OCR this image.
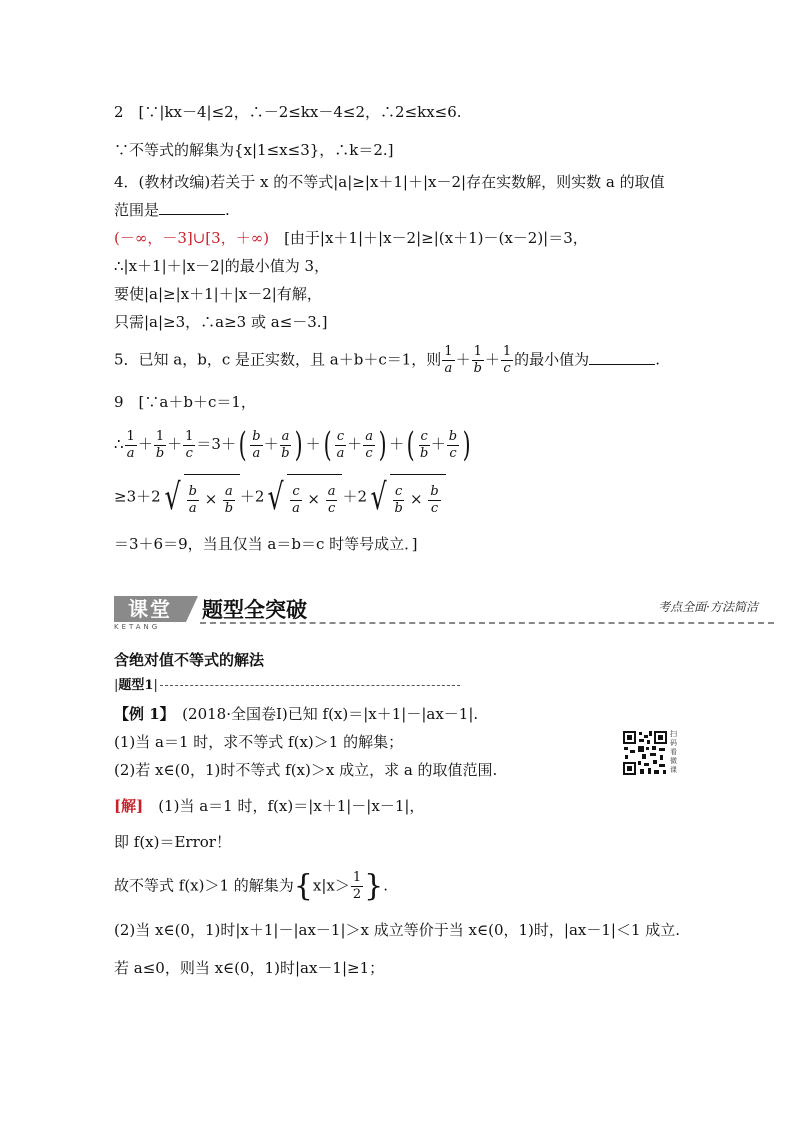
2　[∵|kx－4|≤2，∴－2≤kx－4≤2，∴2≤kx≤6.
∵不等式的解集为{x|1≤x≤3}，∴k＝2.]
4．(教材改编)若关于 x 的不等式|a|≥|x＋1|＋|x－2|存在实数解，则实数 a 的取值
范围是	.
(－∞，－3]∪[3，＋∞)　[由于|x＋1|＋|x－2|≥|(x＋1)－(x－2)|＝3，
∴|x＋1|＋|x－2|的最小值为 3，
要使|a|≥|x＋1|＋|x－2|有解，
只需|a|≥3，∴a≥3 或 a≤－3.]
5．已知 a，b，c 是正实数，且 a＋b＋c＝1，则 $\frac{1}{a} + \frac{1}{b} + \frac{1}{c}$ 的最小值为	.
9　[∵a＋b＋c＝1，
∴ $\frac{1}{a} + \frac{1}{b} + \frac{1}{c} =3+( \frac{b}{a} + \frac{a}{b}$ ) ＋( $\frac{c}{a} + \frac{a}{c}$ ) ＋( $\frac{c}{b} + \frac{b}{c}$ )
$\ge 3+2√ \frac{b}{a} \times \frac{a}{b} +2√ \frac{c}{a} \times \frac{a}{c} +2√ \frac{c}{b} \times \frac{b}{c}$
＝3＋6＝9，当且仅当 a＝b＝c 时等号成立．]
课堂
KETANG
题型全突破	考点全面·方法简洁
含绝对值不等式的解法
|题型1|
【例 1】　(2018·全国卷Ⅰ)已知 f(x)＝|x＋1|－|ax－1|.
(1)当 a＝1 时，求不等式 f(x)＞1 的解集；
(2)若 x∈(0，1)时不等式 f(x)＞x 成立，求 a 的取值范围.
扫码看微课
[解]　(1)当 a＝1 时，f(x)＝|x＋1|－|x－1|，
即 f(x)＝Error！
故不等式 f(x)＞1 的解集为{$x|x> \frac{1}{2}$ }.
(2)当 x∈(0，1)时|x＋1|－|ax－1|＞x 成立等价于当 x∈(0，1)时，|ax－1|＜1 成立.
若 a≤0，则当 x∈(0，1)时|ax－1|≥1；
